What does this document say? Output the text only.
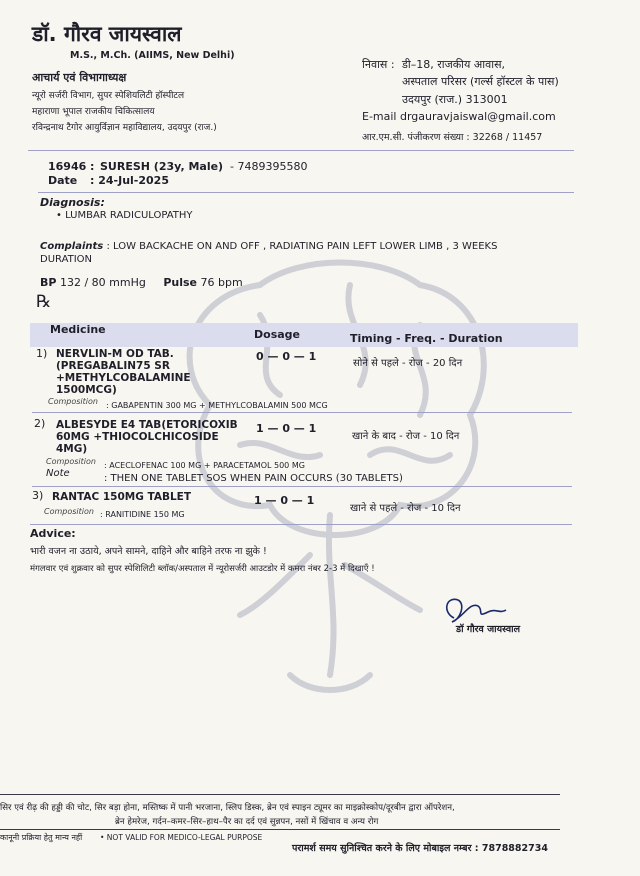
डॉ. गौरव जायस्वाल
M.S., M.Ch. (AIIMS, New Delhi)
आचार्य एवं विभागाध्यक्ष
न्यूरो सर्जरी विभाग, सुपर स्पेशियलिटी हॉस्पीटल
महाराणा भूपाल राजकीय चिकित्सालय
रविन्द्रनाथ टैगोर आयुर्विज्ञान महाविद्यालय, उदयपुर (राज.)
निवास : डी–18, राजकीय आवास,
अस्पताल परिसर (गर्ल्स हॉस्टल के पास)
उदयपुर (राज.) 313001
E-mail drgauravjaiswal@gmail.com
आर.एम.सी. पंजीकरण संख्या : 32268 / 11457
16946 : SURESH (23y, Male) - 7489395580
Date : 24-Jul-2025
Diagnosis:
• LUMBAR RADICULOPATHY
Complaints : LOW BACKACHE ON AND OFF , RADIATING PAIN LEFT LOWER LIMB , 3 WEEKS
DURATION
BP 132 / 80 mmHg Pulse 76 bpm
℞
Medicine	Dosage	Timing - Freq. - Duration
1) NERVLIN-M OD TAB.
(PREGABALIN75 SR
+METHYLCOBALAMINE
1500MCG)
0 — 0 — 1
सोने से पहले - रोज - 20 दिन
Composition : GABAPENTIN 300 MG + METHYLCOBALAMIN 500 MCG
2) ALBESYDE E4 TAB(ETORICOXIB
60MG +THIOCOLCHICOSIDE
4MG)
1 — 0 — 1
खाने के बाद - रोज - 10 दिन
Composition : ACECLOFENAC 100 MG + PARACETAMOL 500 MG
Note	: THEN ONE TABLET SOS WHEN PAIN OCCURS (30 TABLETS)
3) RANTAC 150MG TABLET	1 — 0 — 1
खाने से पहले - रोज - 10 दिन
Composition : RANITIDINE 150 MG
Advice:
भारी वजन ना उठाये, अपने सामने, दाहिने और बाहिने तरफ ना झुके !
मंगलवार एवं शुक्रवार को सुपर स्पेशिलिटी ब्लॉक/अस्पताल में न्यूरोसर्जरी आउटडोर में कमरा नंबर 2-3 में दिखाएँ !
डॉ गौरव जायस्वाल
सिर एवं रीढ़ की हड्डी की चोट, सिर बड़ा होना, मस्तिष्क में पानी भरजाना, स्लिप डिस्क, ब्रेन एवं स्पाइन ट्यूमर का माइक्रोस्कोप/दूरबीन द्वारा ऑपरेशन,
ब्रेन हेमरेज, गर्दन–कमर–सिर–हाथ–पैर का दर्द एवं सुन्नपन, नसों में खिंचाव व अन्य रोग
कानूनी प्रक्रिया हेतु मान्य नहीं • NOT VALID FOR MEDICO-LEGAL PURPOSE
परामर्श समय सुनिश्चित करने के लिए मोबाइल नम्बर : 7878882734
